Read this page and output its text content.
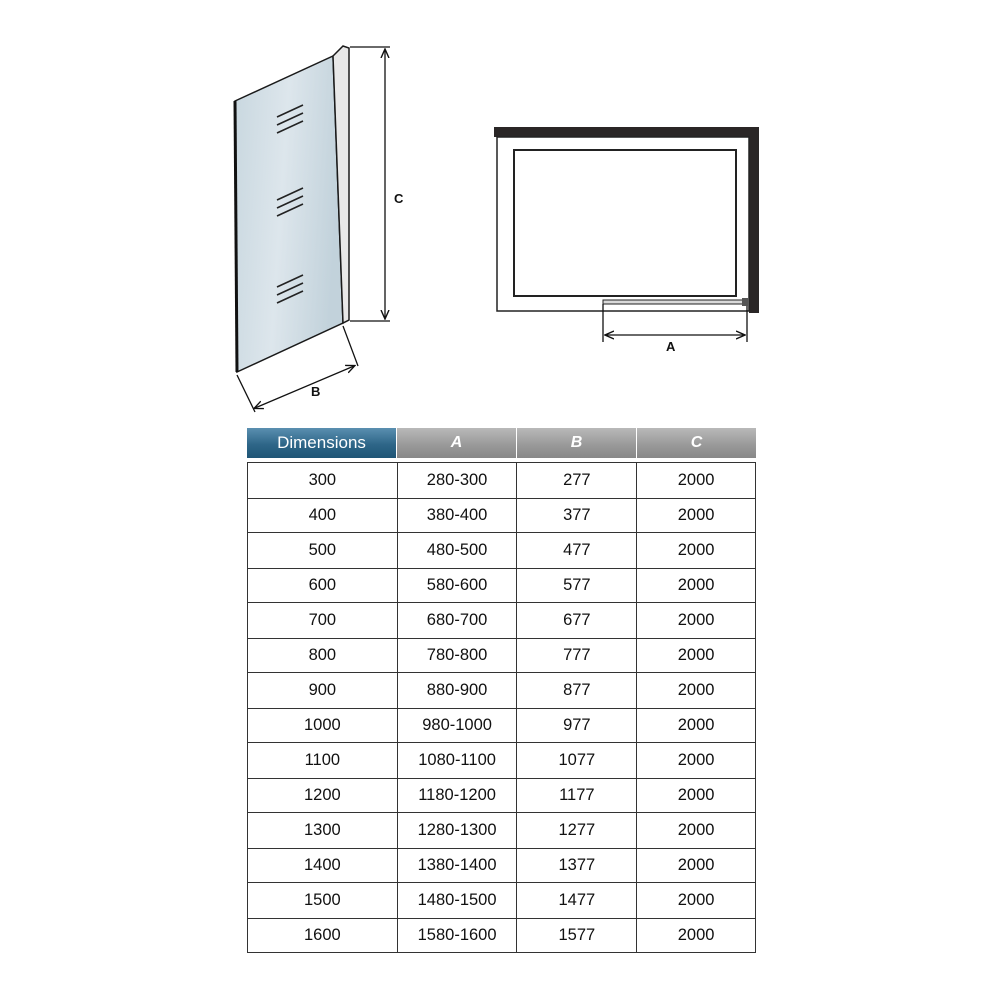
C
B
A
Dimensions	A	B	C
300	280-300	277	2000
400	380-400	377	2000
500	480-500	477	2000
600	580-600	577	2000
700	680-700	677	2000
800	780-800	777	2000
900	880-900	877	2000
1000	980-1000	977	2000
1100	1080-1100	1077	2000
1200	1180-1200	1177	2000
1300	1280-1300	1277	2000
1400	1380-1400	1377	2000
1500	1480-1500	1477	2000
1600	1580-1600	1577	2000
